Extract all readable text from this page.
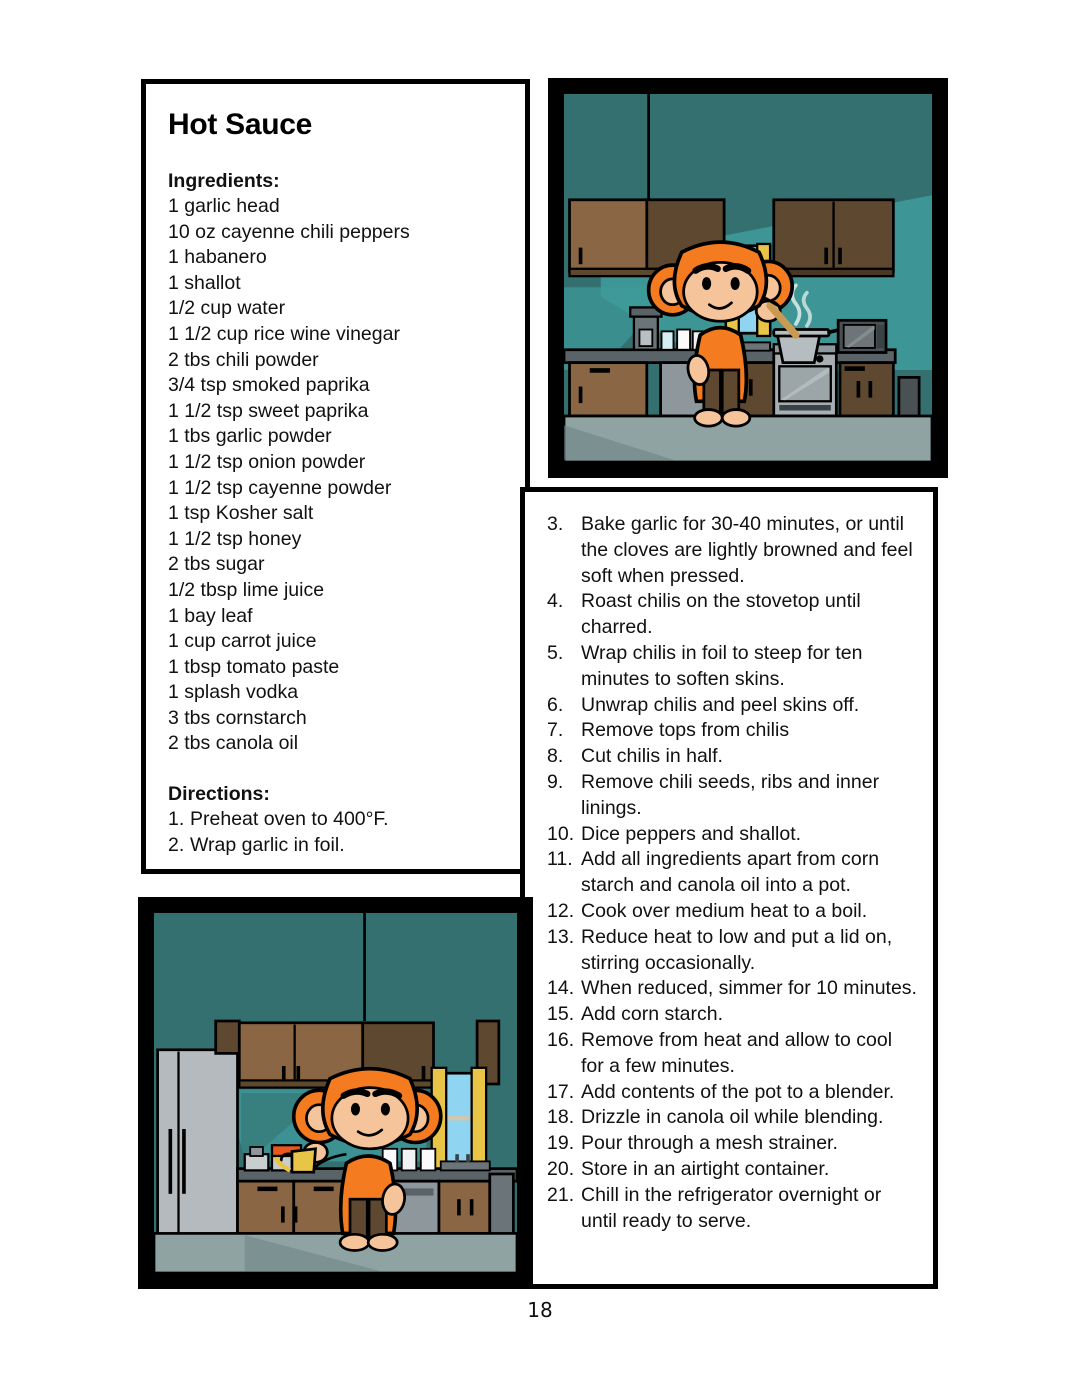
Hot Sauce
Ingredients:
1 garlic head
10 oz cayenne chili peppers
1 habanero
1 shallot
1/2 cup water
1 1/2 cup rice wine vinegar
2 tbs chili powder
3/4 tsp smoked paprika
1 1/2 tsp sweet paprika
1 tbs garlic powder
1 1/2 tsp onion powder
1 1/2 tsp cayenne powder
1 tsp Kosher salt
1 1/2 tsp honey
2 tbs sugar
1/2 tbsp lime juice
1 bay leaf
1 cup carrot juice
1 tbsp tomato paste
1 splash vodka
3 tbs cornstarch
2 tbs canola oil
Directions:
1. Preheat oven to 400°F.
2. Wrap garlic in foil.
3. Bake garlic for 30-40 minutes, or until the cloves are lightly browned and feel soft when pressed.
4. Roast chilis on the stovetop until charred.
5. Wrap chilis in foil to steep for ten minutes to soften skins.
6. Unwrap chilis and peel skins off.
7. Remove tops from chilis
8. Cut chilis in half.
9. Remove chili seeds, ribs and inner linings.
10. Dice peppers and shallot.
11. Add all ingredients apart from corn starch and canola oil into a pot.
12. Cook over medium heat to a boil.
13. Reduce heat to low and put a lid on, stirring occasionally.
14. When reduced, simmer for 10 minutes.
15. Add corn starch.
16. Remove from heat and allow to cool for a few minutes.
17. Add contents of the pot to a blender.
18. Drizzle in canola oil while blending.
19. Pour through a mesh strainer.
20. Store in an airtight container.
21. Chill in the refrigerator overnight or until ready to serve.
18
